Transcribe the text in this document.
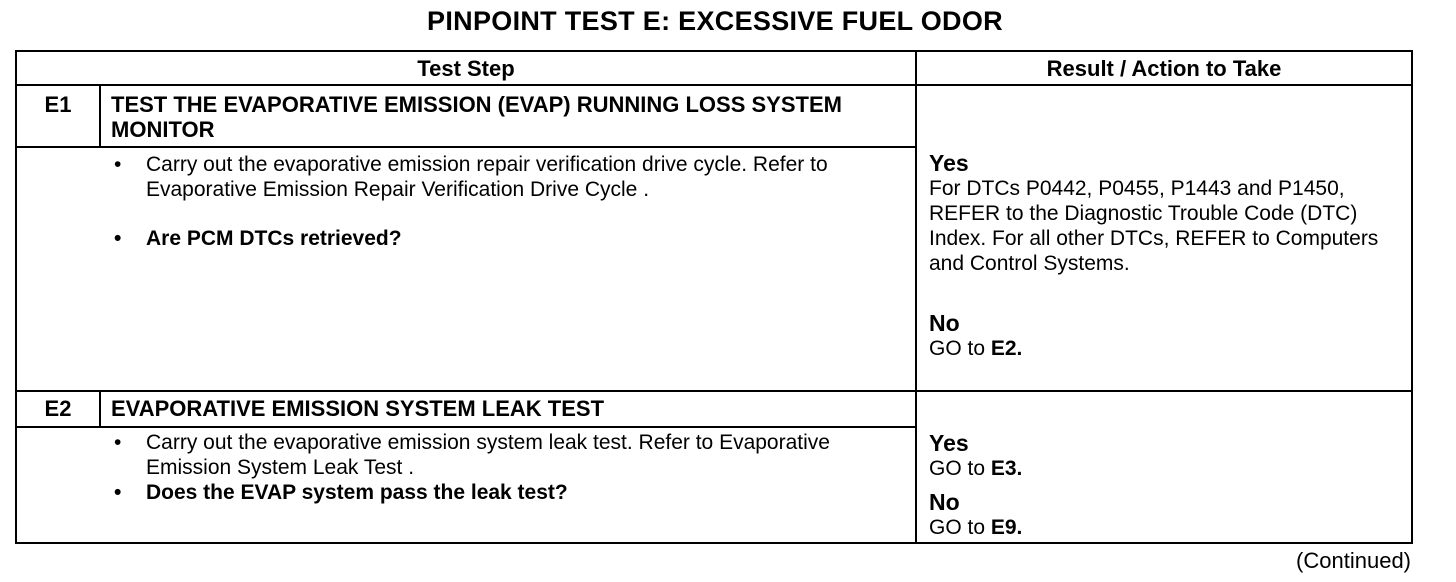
PINPOINT TEST E: EXCESSIVE FUEL ODOR
Test Step	Result / Action to Take
E1	TEST THE EVAPORATIVE EMISSION (EVAP) RUNNING LOSS SYSTEM MONITOR
• Carry out the evaporative emission repair verification drive cycle. Refer to Evaporative Emission Repair Verification Drive Cycle .
• Are PCM DTCs retrieved?
Yes
For DTCs P0442, P0455, P1443 and P1450, REFER to the Diagnostic Trouble Code (DTC) Index. For all other DTCs, REFER to Computers and Control Systems.
No
GO to E2.
E2	EVAPORATIVE EMISSION SYSTEM LEAK TEST
• Carry out the evaporative emission system leak test. Refer to Evaporative Emission System Leak Test .
• Does the EVAP system pass the leak test?
Yes
GO to E3.
No
GO to E9.
(Continued)
